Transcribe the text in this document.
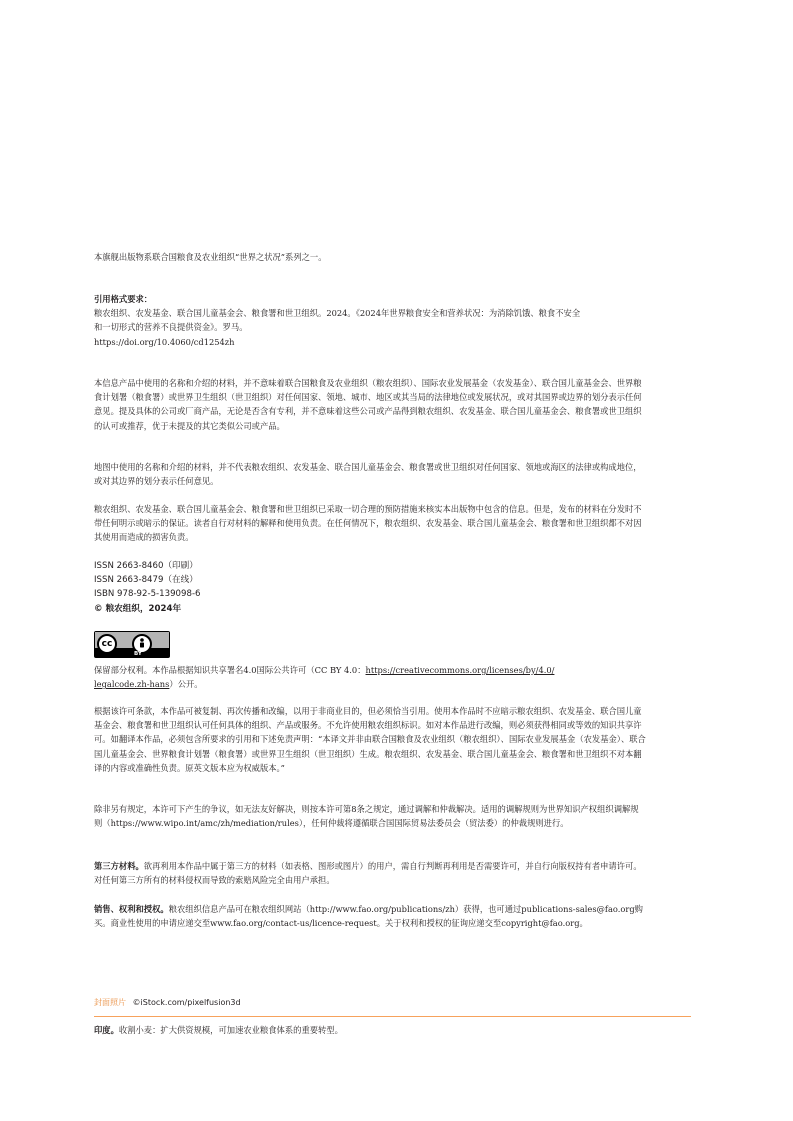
本旗舰出版物系联合国粮食及农业组织“世界之状况”系列之一。
引用格式要求：
粮农组织、农发基金、联合国儿童基金会、粮食署和世卫组织。2024。《2024年世界粮食安全和营养状况：为消除饥饿、粮食不安全
和一切形式的营养不良提供资金》。罗马。
https://doi.org/10.4060/cd1254zh
本信息产品中使用的名称和介绍的材料，并不意味着联合国粮食及农业组织（粮农组织）、国际农业发展基金（农发基金）、联合国儿童基金会、世界粮食计划署（粮食署）或世界卫生组织（世卫组织）对任何国家、领地、城市、地区或其当局的法律地位或发展状况，或对其国界或边界的划分表示任何意见。提及具体的公司或厂商产品，无论是否含有专利，并不意味着这些公司或产品得到粮农组织、农发基金、联合国儿童基金会、粮食署或世卫组织的认可或推荐，优于未提及的其它类似公司或产品。
地图中使用的名称和介绍的材料，并不代表粮农组织、农发基金、联合国儿童基金会、粮食署或世卫组织对任何国家、领地或海区的法律或构成地位，或对其边界的划分表示任何意见。
粮农组织、农发基金、联合国儿童基金会、粮食署和世卫组织已采取一切合理的预防措施来核实本出版物中包含的信息。但是，发布的材料在分发时不带任何明示或暗示的保证。读者自行对材料的解释和使用负责。在任何情况下，粮农组织、农发基金、联合国儿童基金会、粮食署和世卫组织都不对因其使用而造成的损害负责。
ISSN 2663-8460（印刷）
ISSN 2663-8479（在线）
ISBN 978-92-5-139098-6
© 粮农组织，2024年
cc
BY
保留部分权利。本作品根据知识共享署名4.0国际公共许可（CC BY 4.0：https://creativecommons.org/licenses/by/4.0/
legalcode.zh-hans）公开。
根据该许可条款，本作品可被复制、再次传播和改编，以用于非商业目的，但必须恰当引用。使用本作品时不应暗示粮农组织、农发基金、联合国儿童基金会、粮食署和世卫组织认可任何具体的组织、产品或服务。不允许使用粮农组织标识。如对本作品进行改编，则必须获得相同或等效的知识共享许可。如翻译本作品，必须包含所要求的引用和下述免责声明：“本译文并非由联合国粮食及农业组织（粮农组织）、国际农业发展基金（农发基金）、联合国儿童基金会、世界粮食计划署（粮食署）或世界卫生组织（世卫组织）生成。粮农组织、农发基金、联合国儿童基金会、粮食署和世卫组织不对本翻译的内容或准确性负责。原英文版本应为权威版本。”
除非另有规定，本许可下产生的争议，如无法友好解决，则按本许可第8条之规定，通过调解和仲裁解决。适用的调解规则为世界知识产权组织调解规则（https://www.wipo.int/amc/zh/mediation/rules），任何仲裁将遵循联合国国际贸易法委员会（贸法委）的仲裁规则进行。
第三方材料。欲再利用本作品中属于第三方的材料（如表格、图形或图片）的用户，需自行判断再利用是否需要许可，并自行向版权持有者申请许可。对任何第三方所有的材料侵权而导致的索赔风险完全由用户承担。
销售、权利和授权。粮农组织信息产品可在粮农组织网站（http://www.fao.org/publications/zh）获得，也可通过publications-sales@fao.org购买。商业性使用的申请应递交至www.fao.org/contact-us/licence-request。关于权利和授权的征询应递交至copyright@fao.org。
封面照片 ©iStock.com/pixelfusion3d
印度。收割小麦：扩大供资规模，可加速农业粮食体系的重要转型。
